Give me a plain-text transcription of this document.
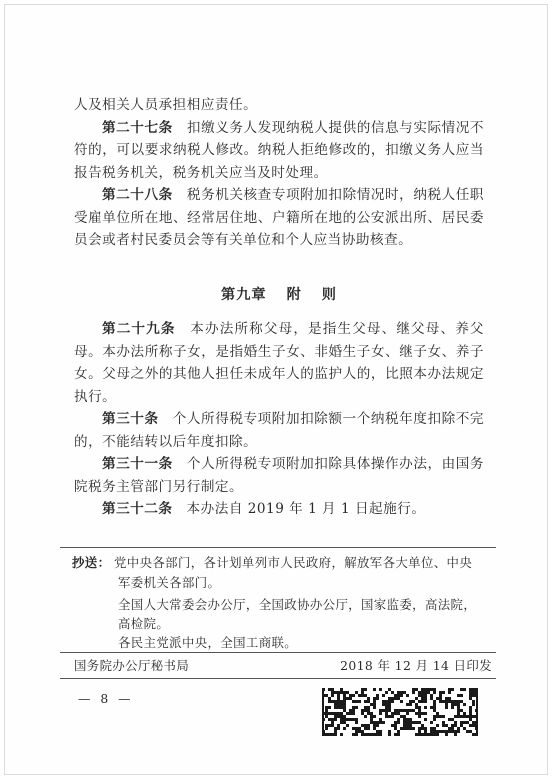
人及相关人员承担相应责任。

第二十七条　扣缴义务人发现纳税人提供的信息与实际情况不符的，可以要求纳税人修改。纳税人拒绝修改的，扣缴义务人应当报告税务机关，税务机关应当及时处理。

第二十八条　税务机关核查专项附加扣除情况时，纳税人任职受雇单位所在地、经常居住地、户籍所在地的公安派出所、居民委员会或者村民委员会等有关单位和个人应当协助核查。

第九章 附 则

第二十九条　本办法所称父母，是指生父母、继父母、养父母。本办法所称子女，是指婚生子女、非婚生子女、继子女、养子女。父母之外的其他人担任未成年人的监护人的，比照本办法规定执行。

第三十条　个人所得税专项附加扣除额一个纳税年度扣除不完的，不能结转以后年度扣除。

第三十一条　个人所得税专项附加扣除具体操作办法，由国务院税务主管部门另行制定。

第三十二条　本办法自 2019 年 1 月 1 日起施行。

抄送： 党中央各部门，各计划单列市人民政府，解放军各大单位、中央
军委机关各部门。
全国人大常委会办公厅，全国政协办公厅，国家监委，高法院，
高检院。
各民主党派中央，全国工商联。
国务院办公厅秘书局	2018 年 12 月 14 日印发
— 8 —
